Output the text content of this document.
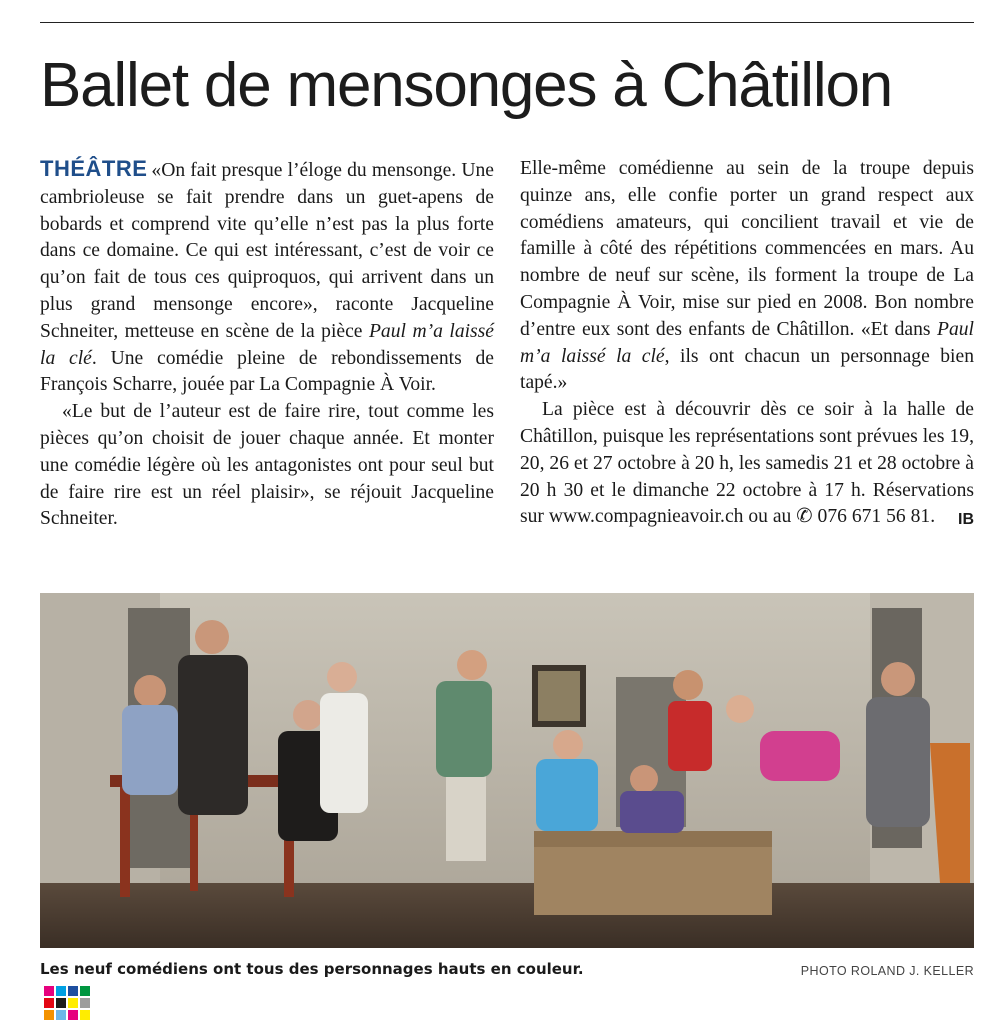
Ballet de mensonges à Châtillon

THÉÂTRE «On fait presque l’éloge du mensonge. Une cambrioleuse se fait prendre dans un guet-apens de bobards et comprend vite qu’elle n’est pas la plus forte dans ce domaine. Ce qui est intéressant, c’est de voir ce qu’on fait de tous ces quiproquos, qui arrivent dans un plus grand mensonge encore», raconte Jacqueline Schneiter, metteuse en scène de la pièce Paul m’a laissé la clé. Une comédie pleine de rebondissements de François Scharre, jouée par La Compagnie À Voir.

«Le but de l’auteur est de faire rire, tout comme les pièces qu’on choisit de jouer chaque année. Et monter une comédie légère où les antagonistes ont pour seul but de faire rire est un réel plaisir», se réjouit Jacqueline Schneiter.

Elle-même comédienne au sein de la troupe depuis quinze ans, elle confie porter un grand respect aux comédiens amateurs, qui concilient travail et vie de famille à côté des répétitions commencées en mars. Au nombre de neuf sur scène, ils forment la troupe de La Compagnie À Voir, mise sur pied en 2008. Bon nombre d’entre eux sont des enfants de Châtillon. «Et dans Paul m’a laissé la clé, ils ont chacun un personnage bien tapé.»

La pièce est à découvrir dès ce soir à la halle de Châtillon, puisque les représentations sont prévues les 19, 20, 26 et 27 octobre à 20 h, les samedis 21 et 28 octobre à 20 h 30 et le dimanche 22 octobre à 17 h. Réservations sur www.compagnieavoir.ch ou au ✆ 076 671 56 81.	IB

Les neuf comédiens ont tous des personnages hauts en couleur.	PHOTO ROLAND J. KELLER
